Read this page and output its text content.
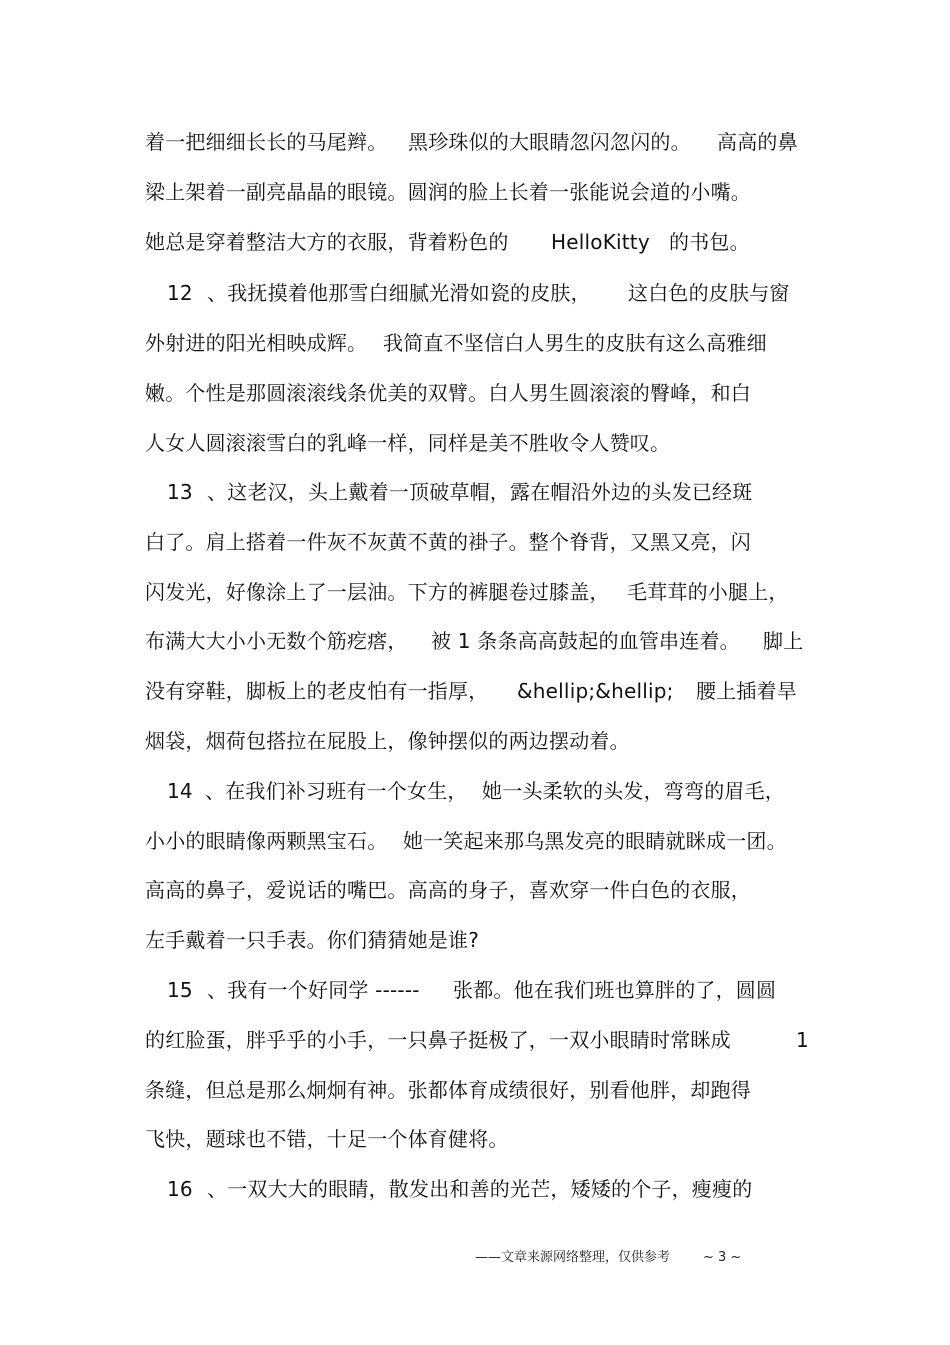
着一把细细长长的马尾辫。

黑珍珠似的大眼睛忽闪忽闪的。

高高的鼻

梁上架着一副亮晶晶的眼镜。圆润的脸上长着一张能说会道的小嘴。

她总是穿着整洁大方的衣服，背着粉色的

HelloKitty

的书包。

12

、我抚摸着他那雪白细腻光滑如瓷的皮肤，

这白色的皮肤与窗

外射进的阳光相映成辉。

我简直不坚信白人男生的皮肤有这么高雅细

嫩。个性是那圆滚滚线条优美的双臂。白人男生圆滚滚的臀峰，和白

人女人圆滚滚雪白的乳峰一样，同样是美不胜收令人赞叹。

13

、这老汉，头上戴着一顶破草帽，露在帽沿外边的头发已经斑

白了。肩上搭着一件灰不灰黄不黄的褂子。整个脊背，又黑又亮，闪

闪发光，好像涂上了一层油。下方的裤腿卷过膝盖，

毛茸茸的小腿上，

布满大大小小无数个筋疙瘩，

被 1 条条高高鼓起的血管串连着。

脚上

没有穿鞋，脚板上的老皮怕有一指厚，

&hellip;&hellip;

腰上插着旱

烟袋，烟荷包搭拉在屁股上，像钟摆似的两边摆动着。

14

、在我们补习班有一个女生，

她一头柔软的头发，弯弯的眉毛，

小小的眼睛像两颗黑宝石。

她一笑起来那乌黑发亮的眼睛就眯成一团。

高高的鼻子，爱说话的嘴巴。高高的身子，喜欢穿一件白色的衣服，

左手戴着一只手表。你们猜猜她是谁?

15

、我有一个好同学 ------

张都。他在我们班也算胖的了，圆圆

的红脸蛋，胖乎乎的小手，一只鼻子挺极了，一双小眼睛时常眯成

	1

条缝，但总是那么炯炯有神。张都体育成绩很好，别看他胖，却跑得

飞快，题球也不错，十足一个体育健将。

16

、一双大大的眼睛，散发出和善的光芒，矮矮的个子，瘦瘦的

——文章来源网络整理，仅供参考	~ 3 ~
